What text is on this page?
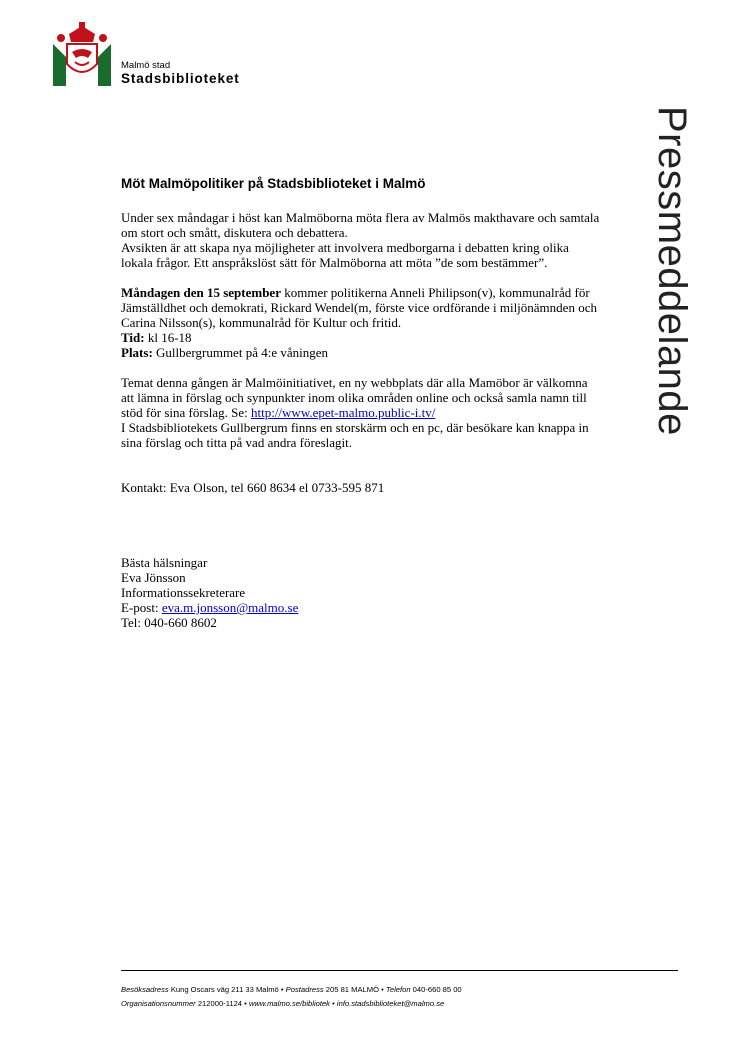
Malmö stad
Stadsbiblioteket
Pressmeddelande
Möt Malmöpolitiker på Stadsbiblioteket i Malmö

Under sex måndagar i höst kan Malmöborna möta flera av Malmös makthavare och samtala om stort och smått, diskutera och debattera.

Avsikten är att skapa nya möjligheter att involvera medborgarna i debatten kring olika lokala frågor. Ett anspråkslöst sätt för Malmöborna att möta ”de som bestämmer”.

Måndagen den 15 september kommer politikerna Anneli Philipson(v), kommunalråd för Jämställdhet och demokrati, Rickard Wendel(m, förste vice ordförande i miljönämnden och Carina Nilsson(s), kommunalråd för Kultur och fritid.

Tid: kl 16-18

Plats: Gullbergrummet på 4:e våningen

Temat denna gången är Malmöinitiativet, en ny webbplats där alla Mamöbor är välkomna att lämna in förslag och synpunkter inom olika områden online och också samla namn till stöd för sina förslag. Se: http://www.epet-malmo.public-i.tv/

I Stadsbibliotekets Gullbergrum finns en storskärm och en pc, där besökare kan knappa in sina förslag och titta på vad andra föreslagit.

Kontakt: Eva Olson, tel 660 8634 el 0733-595 871

Bästa hälsningar

Eva Jönsson

Informationssekreterare

E-post: eva.m.jonsson@malmo.se

Tel: 040-660 8602

Besöksadress Kung Oscars väg 211 33 Malmö • Postadress 205 81 MALMÖ • Telefon 040-660 85 00
Organisationsnummer 212000-1124 • www.malmo.se/bibliotek • info.stadsbiblioteket@malmo.se
